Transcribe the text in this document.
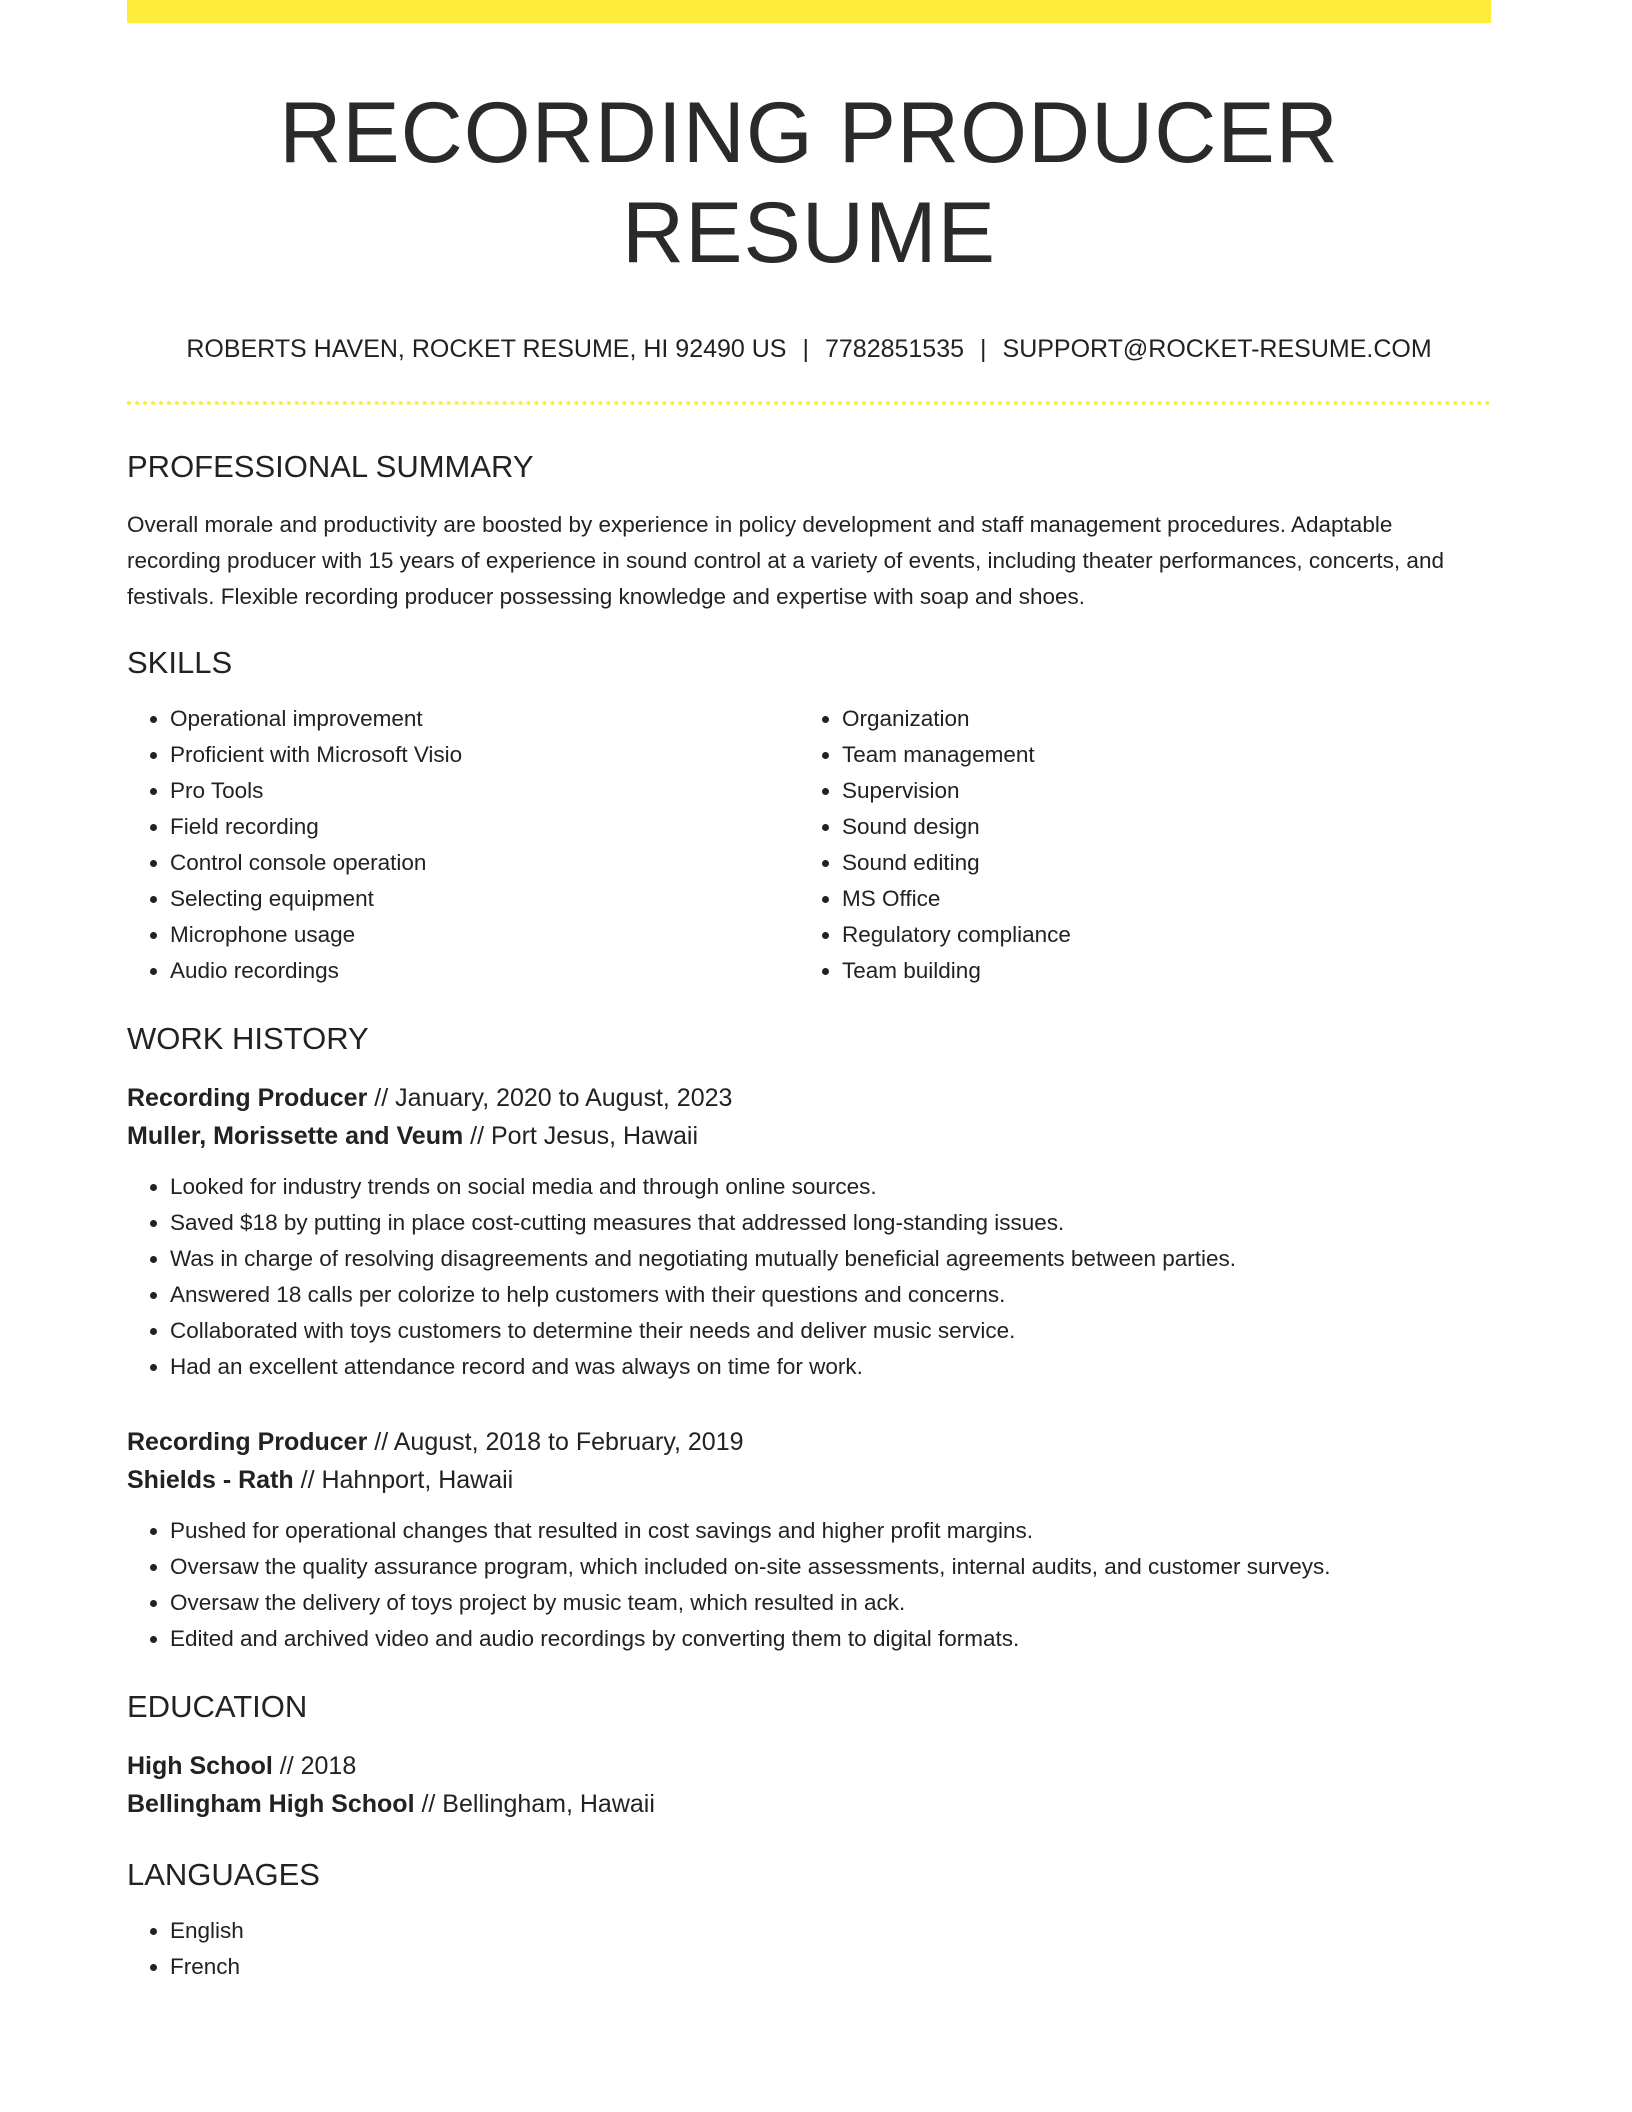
RECORDING PRODUCER RESUME
ROBERTS HAVEN, ROCKET RESUME, HI 92490 US | 7782851535 | SUPPORT@ROCKET-RESUME.COM
PROFESSIONAL SUMMARY

Overall morale and productivity are boosted by experience in policy development and staff management procedures. Adaptable recording producer with 15 years of experience in sound control at a variety of events, including theater performances, concerts, and festivals. Flexible recording producer possessing knowledge and expertise with soap and shoes.

SKILLS
• Operational improvement
• Proficient with Microsoft Visio
• Pro Tools
• Field recording
• Control console operation
• Selecting equipment
• Microphone usage
• Audio recordings
• Organization
• Team management
• Supervision
• Sound design
• Sound editing
• MS Office
• Regulatory compliance
• Team building
WORK HISTORY
Recording Producer // January, 2020 to August, 2023
Muller, Morissette and Veum // Port Jesus, Hawaii
• Looked for industry trends on social media and through online sources.
• Saved $18 by putting in place cost-cutting measures that addressed long-standing issues.
• Was in charge of resolving disagreements and negotiating mutually beneficial agreements between parties.
• Answered 18 calls per colorize to help customers with their questions and concerns.
• Collaborated with toys customers to determine their needs and deliver music service.
• Had an excellent attendance record and was always on time for work.
Recording Producer // August, 2018 to February, 2019
Shields - Rath // Hahnport, Hawaii
• Pushed for operational changes that resulted in cost savings and higher profit margins.
• Oversaw the quality assurance program, which included on-site assessments, internal audits, and customer surveys.
• Oversaw the delivery of toys project by music team, which resulted in ack.
• Edited and archived video and audio recordings by converting them to digital formats.
EDUCATION
High School // 2018
Bellingham High School // Bellingham, Hawaii
LANGUAGES
• English
• French
